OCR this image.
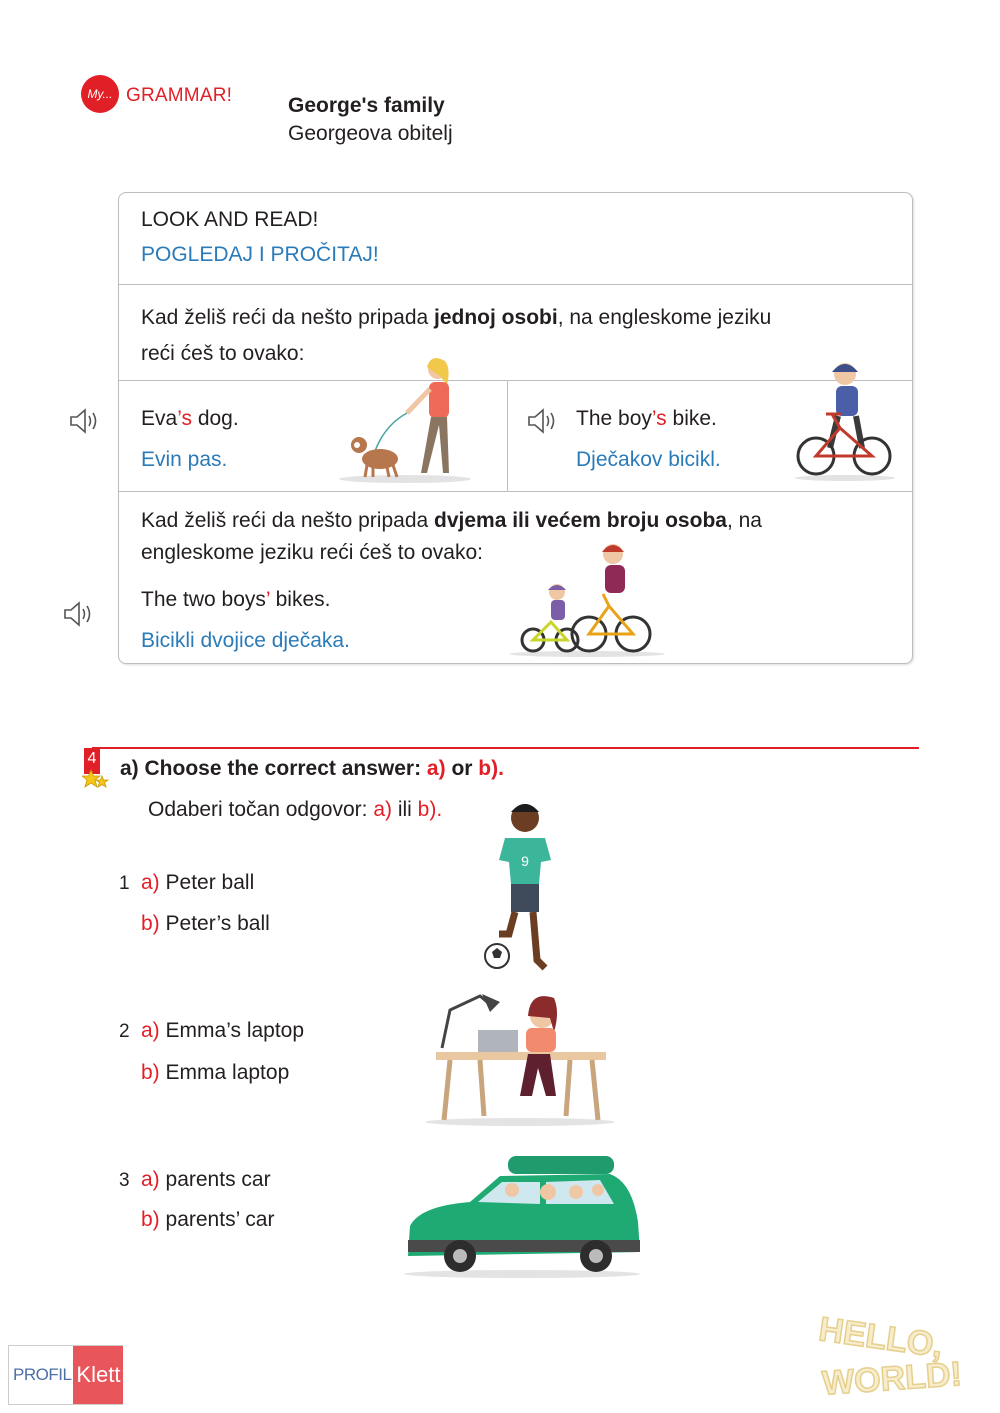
My... GRAMMAR!	George's family
Georgeova obitelj
LOOK AND READ!
POGLEDAJ I PROČITAJ!
Kad želiš reći da nešto pripada jednoj osobi, na engleskome jeziku
reći ćeš to ovako:
Eva’s dog.
Evin pas.
The boy’s bike.
Dječakov bicikl.
Kad želiš reći da nešto pripada dvjema ili većem broju osoba, na
engleskome jeziku reći ćeš to ovako:
The two boys’ bikes.
Bicikli dvojice dječaka.
4 a) Choose the correct answer: a) or b).
Odaberi točan odgovor: a) ili b).
1 a) Peter ball
b) Peter’s ball
9
2 a) Emma’s laptop
b) Emma laptop
3 a) parents car
b) parents’ car
PROFIL Klett
HELLO,
WORLD!
